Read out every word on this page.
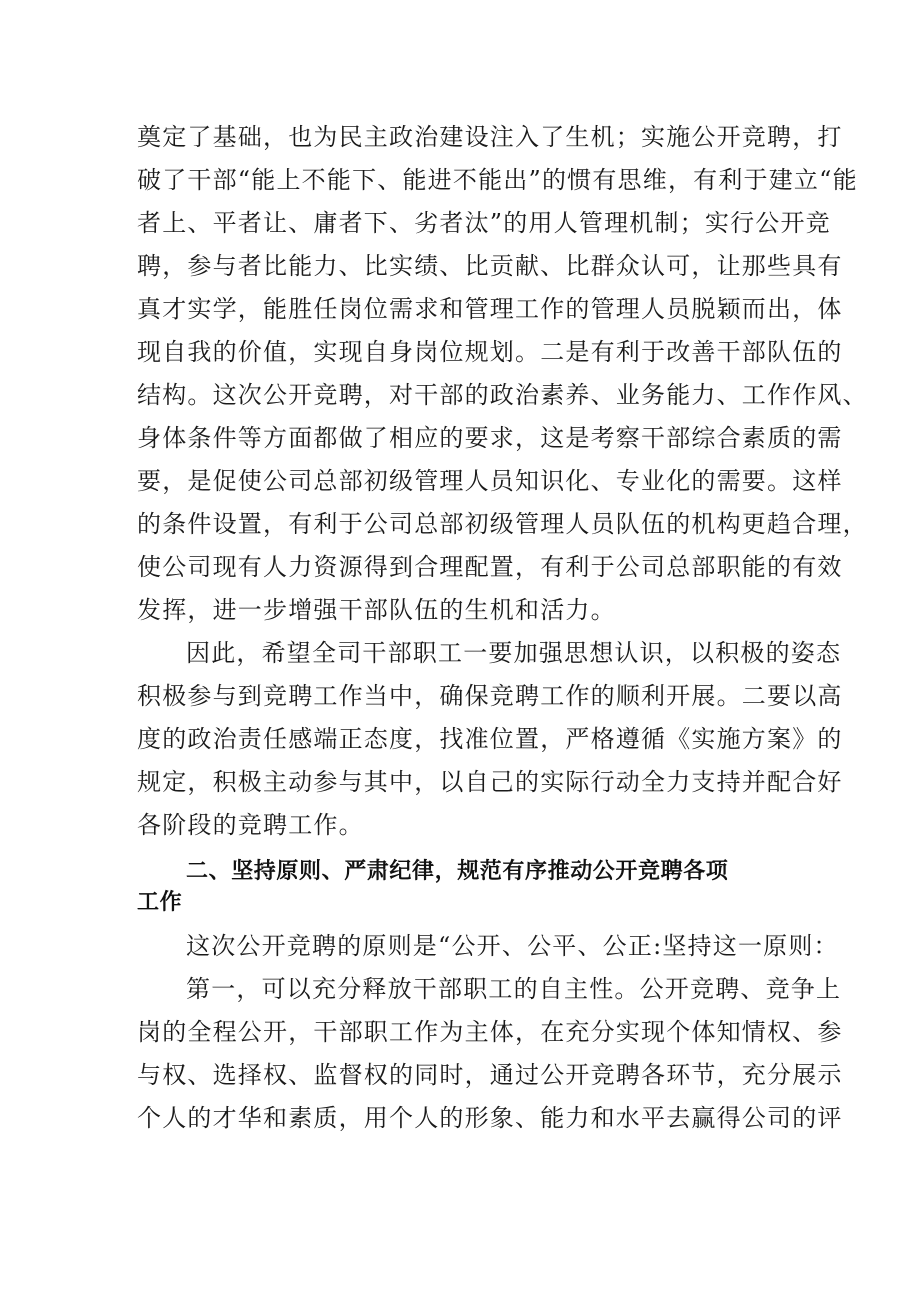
奠定了基础，也为民主政治建设注入了生机；实施公开竞聘，打

破了干部“能上不能下、能进不能出”的惯有思维，有利于建立“能

者上、平者让、庸者下、劣者汰”的用人管理机制；实行公开竞

聘，参与者比能力、比实绩、比贡献、比群众认可，让那些具有

真才实学，能胜任岗位需求和管理工作的管理人员脱颖而出，体

现自我的价值，实现自身岗位规划。二是有利于改善干部队伍的

结构。这次公开竞聘，对干部的政治素养、业务能力、工作作风、

身体条件等方面都做了相应的要求，这是考察干部综合素质的需

要，是促使公司总部初级管理人员知识化、专业化的需要。这样

的条件设置，有利于公司总部初级管理人员队伍的机构更趋合理，

使公司现有人力资源得到合理配置，有利于公司总部职能的有效

发挥，进一步增强干部队伍的生机和活力。

因此，希望全司干部职工一要加强思想认识，以积极的姿态

积极参与到竞聘工作当中，确保竞聘工作的顺利开展。二要以高

度的政治责任感端正态度，找准位置，严格遵循《实施方案》的

规定，积极主动参与其中，以自己的实际行动全力支持并配合好

各阶段的竞聘工作。

二、坚持原则、严肃纪律，规范有序推动公开竞聘各项

工作

这次公开竞聘的原则是“公开、公平、公正:坚持这一原则：

第一，可以充分释放干部职工的自主性。公开竞聘、竞争上

岗的全程公开，干部职工作为主体，在充分实现个体知情权、参

与权、选择权、监督权的同时，通过公开竞聘各环节，充分展示

个人的才华和素质，用个人的形象、能力和水平去赢得公司的评
